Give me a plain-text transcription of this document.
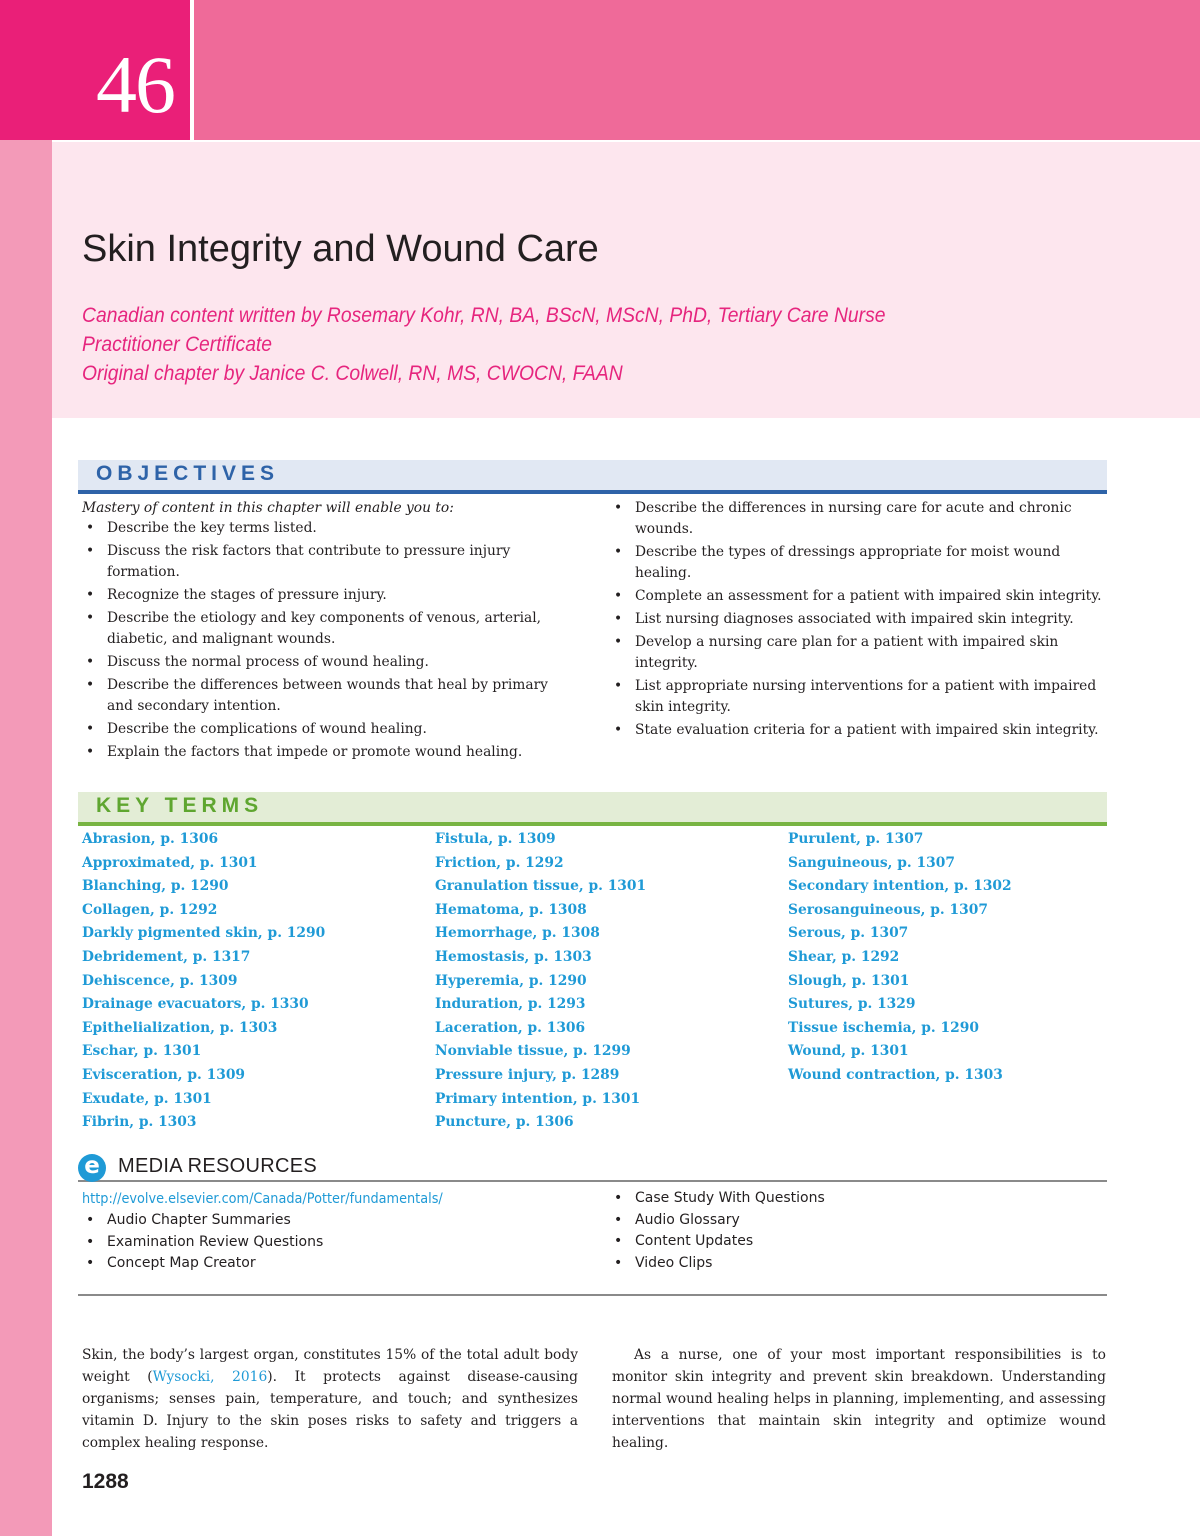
46
Skin Integrity and Wound Care
Canadian content written by Rosemary Kohr, RN, BA, BScN, MScN, PhD, Tertiary Care Nurse
Practitioner Certificate
Original chapter by Janice C. Colwell, RN, MS, CWOCN, FAAN
OBJECTIVES
Mastery of content in this chapter will enable you to:
• Describe the key terms listed.
• Discuss the risk factors that contribute to pressure injury formation.
• Recognize the stages of pressure injury.
• Describe the etiology and key components of venous, arterial, diabetic, and malignant wounds.
• Discuss the normal process of wound healing.
• Describe the differences between wounds that heal by primary and secondary intention.
• Describe the complications of wound healing.
• Explain the factors that impede or promote wound healing.
• Describe the differences in nursing care for acute and chronic wounds.
• Describe the types of dressings appropriate for moist wound healing.
• Complete an assessment for a patient with impaired skin integrity.
• List nursing diagnoses associated with impaired skin integrity.
• Develop a nursing care plan for a patient with impaired skin integrity.
• List appropriate nursing interventions for a patient with impaired skin integrity.
• State evaluation criteria for a patient with impaired skin integrity.
KEY TERMS
Abrasion, p. 1306
Approximated, p. 1301
Blanching, p. 1290
Collagen, p. 1292
Darkly pigmented skin, p. 1290
Debridement, p. 1317
Dehiscence, p. 1309
Drainage evacuators, p. 1330
Epithelialization, p. 1303
Eschar, p. 1301
Evisceration, p. 1309
Exudate, p. 1301
Fibrin, p. 1303
Fistula, p. 1309
Friction, p. 1292
Granulation tissue, p. 1301
Hematoma, p. 1308
Hemorrhage, p. 1308
Hemostasis, p. 1303
Hyperemia, p. 1290
Induration, p. 1293
Laceration, p. 1306
Nonviable tissue, p. 1299
Pressure injury, p. 1289
Primary intention, p. 1301
Puncture, p. 1306
Purulent, p. 1307
Sanguineous, p. 1307
Secondary intention, p. 1302
Serosanguineous, p. 1307
Serous, p. 1307
Shear, p. 1292
Slough, p. 1301
Sutures, p. 1329
Tissue ischemia, p. 1290
Wound, p. 1301
Wound contraction, p. 1303
e MEDIA RESOURCES
http://evolve.elsevier.com/Canada/Potter/fundamentals/
• Audio Chapter Summaries
• Examination Review Questions
• Concept Map Creator
• Case Study With Questions
• Audio Glossary
• Content Updates
• Video Clips

Skin, the body’s largest organ, constitutes 15% of the total adult body weight (Wysocki, 2016). It protects against disease-causing organisms; senses pain, temperature, and touch; and synthesizes vitamin D. Injury to the skin poses risks to safety and triggers a complex healing response.

As a nurse, one of your most important responsibilities is to monitor skin integrity and prevent skin breakdown. Understanding normal wound healing helps in planning, implementing, and assessing interventions that maintain skin integrity and optimize wound healing.

1288
